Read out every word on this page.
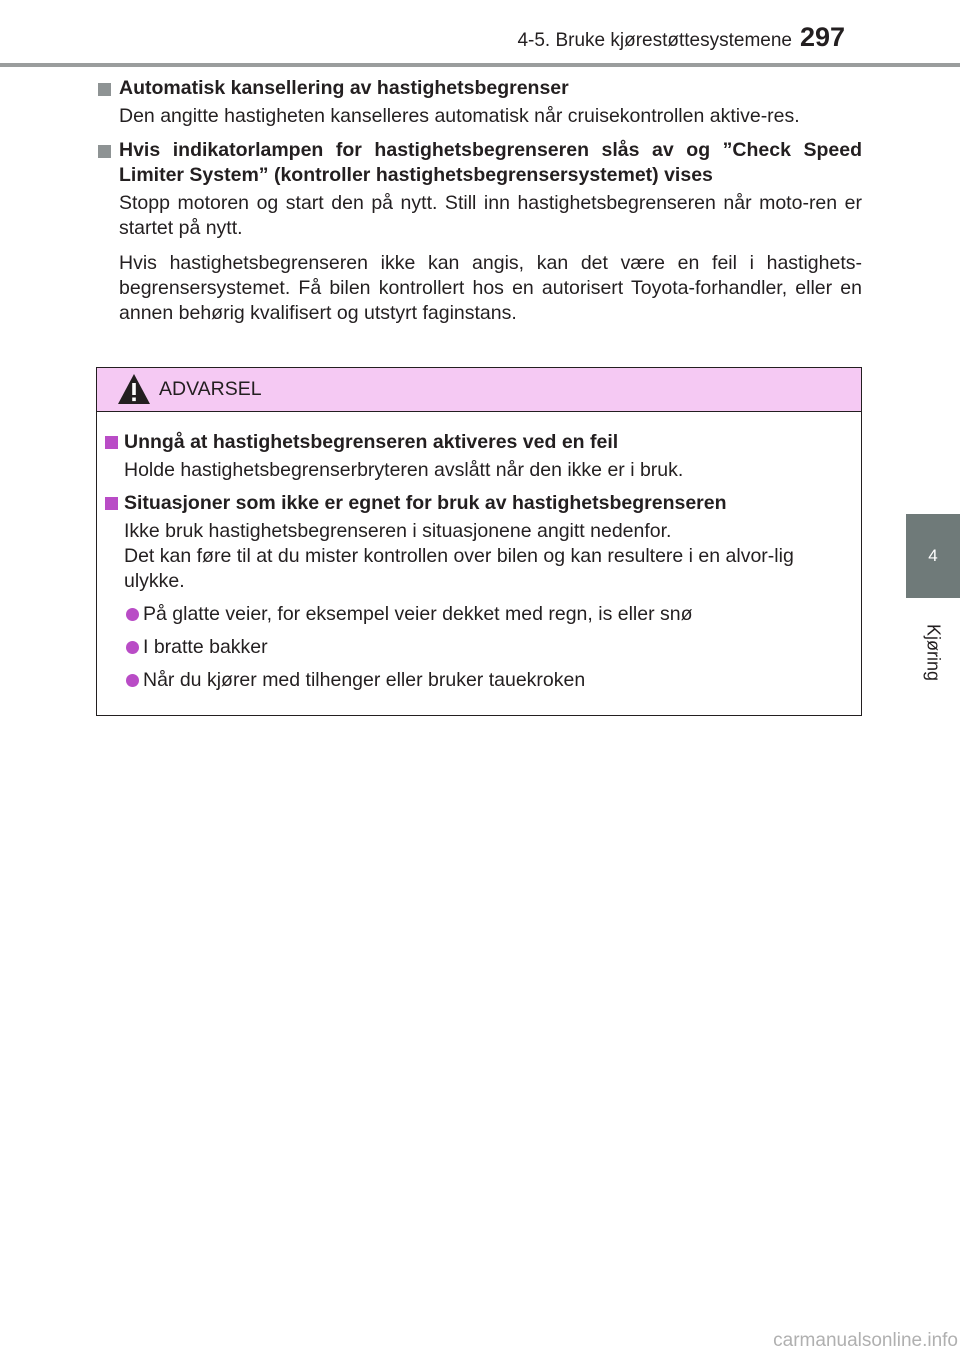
4-5. Bruke kjørestøttesystemene 297
4
Kjøring

Automatisk kansellering av hastighetsbegrenser

Den angitte hastigheten kanselleres automatisk når cruisekontrollen aktive-res.

Hvis indikatorlampen for hastighetsbegrenseren slås av og ”Check Speed Limiter System” (kontroller hastighetsbegrensersystemet) vises

Stopp motoren og start den på nytt. Still inn hastighetsbegrenseren når moto-ren er startet på nytt.

Hvis hastighetsbegrenseren ikke kan angis, kan det være en feil i hastighets-begrensersystemet. Få bilen kontrollert hos en autorisert Toyota-forhandler, eller en annen behørig kvalifisert og utstyrt faginstans.

ADVARSEL

Unngå at hastighetsbegrenseren aktiveres ved en feil

Holde hastighetsbegrenserbryteren avslått når den ikke er i bruk.

Situasjoner som ikke er egnet for bruk av hastighetsbegrenseren

Ikke bruk hastighetsbegrenseren i situasjonene angitt nedenfor.

Det kan føre til at du mister kontrollen over bilen og kan resultere i en alvor-lig ulykke.

På glatte veier, for eksempel veier dekket med regn, is eller snø

I bratte bakker

Når du kjører med tilhenger eller bruker tauekroken

carmanualsonline.info
